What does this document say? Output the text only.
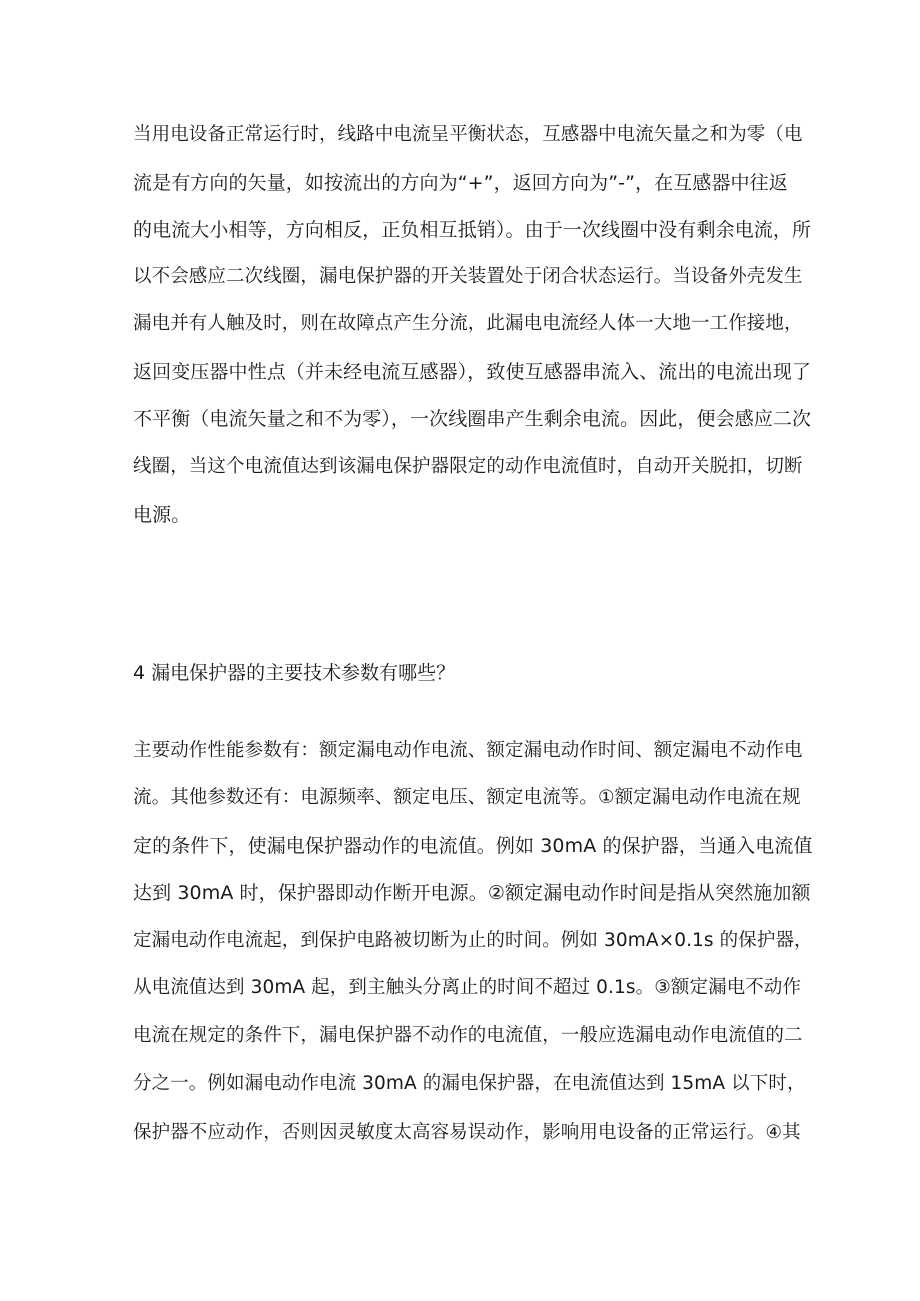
当用电设备正常运行时，线路中电流呈平衡状态，互感器中电流矢量之和为零（电
流是有方向的矢量，如按流出的方向为“+”，返回方向为”-”，在互感器中往返
的电流大小相等，方向相反，正负相互抵销）。由于一次线圈中没有剩余电流，所
以不会感应二次线圈，漏电保护器的开关装置处于闭合状态运行。当设备外壳发生
漏电并有人触及时，则在故障点产生分流，此漏电电流经人体一大地一工作接地，
返回变压器中性点（并未经电流互感器），致使互感器串流入、流出的电流出现了
不平衡（电流矢量之和不为零），一次线圈串产生剩余电流。因此，便会感应二次
线圈，当这个电流值达到该漏电保护器限定的动作电流值时，自动开关脱扣，切断
电源。
4 漏电保护器的主要技术参数有哪些？
主要动作性能参数有：额定漏电动作电流、额定漏电动作时间、额定漏电不动作电
流。其他参数还有：电源频率、额定电压、额定电流等。①额定漏电动作电流在规
定的条件下，使漏电保护器动作的电流值。例如 30mA 的保护器，当通入电流值
达到 30mA 时，保护器即动作断开电源。②额定漏电动作时间是指从突然施加额
定漏电动作电流起，到保护电路被切断为止的时间。例如 30mA×0.1s 的保护器，
从电流值达到 30mA 起，到主触头分离止的时间不超过 0.1s。③额定漏电不动作
电流在规定的条件下，漏电保护器不动作的电流值，一般应选漏电动作电流值的二
分之一。例如漏电动作电流 30mA 的漏电保护器，在电流值达到 15mA 以下时，
保护器不应动作，否则因灵敏度太高容易误动作，影响用电设备的正常运行。④其
